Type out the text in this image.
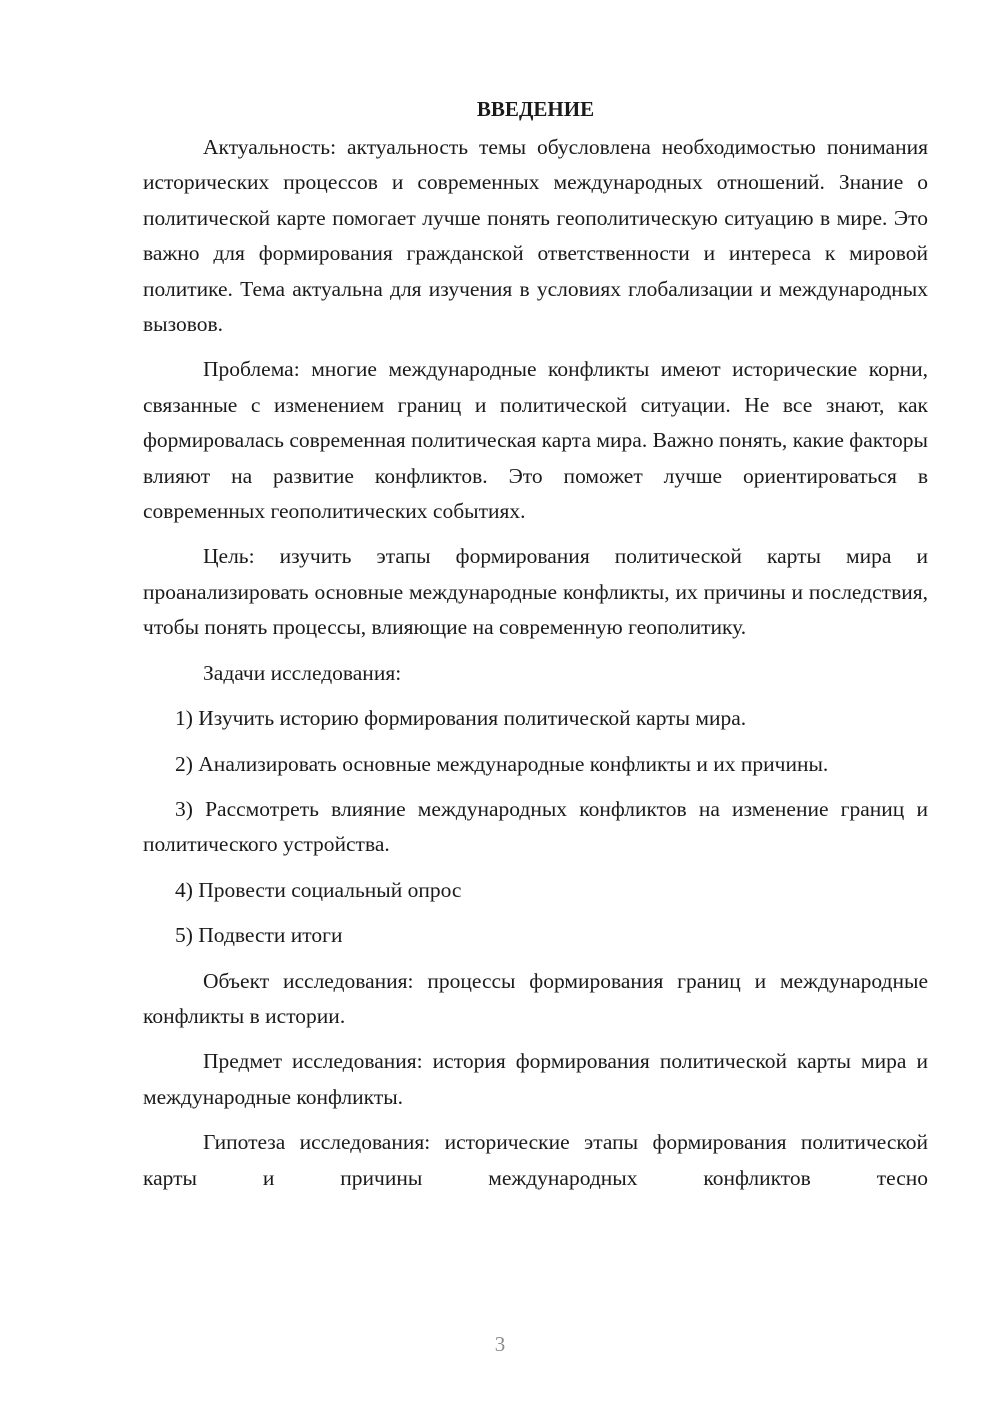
ВВЕДЕНИЕ

Актуальность: актуальность темы обусловлена необходимостью понимания исторических процессов и современных международных отношений. Знание о политической карте помогает лучше понять геополитическую ситуацию в мире. Это важно для формирования гражданской ответственности и интереса к мировой политике. Тема актуальна для изучения в условиях глобализации и международных вызовов.

Проблема: многие международные конфликты имеют исторические корни, связанные с изменением границ и политической ситуации. Не все знают, как формировалась современная политическая карта мира. Важно понять, какие факторы влияют на развитие конфликтов. Это поможет лучше ориентироваться в современных геополитических событиях.

Цель: изучить этапы формирования политической карты мира и проанализировать основные международные конфликты, их причины и последствия, чтобы понять процессы, влияющие на современную геополитику.

Задачи исследования:

1) Изучить историю формирования политической карты мира.

2) Анализировать основные международные конфликты и их причины.

3) Рассмотреть влияние международных конфликтов на изменение границ и политического устройства.

4) Провести социальный опрос

5) Подвести итоги

Объект исследования: процессы формирования границ и международные конфликты в истории.

Предмет исследования: история формирования политической карты мира и международные конфликты.

Гипотеза исследования: исторические этапы формирования политической карты и причины международных конфликтов тесно

3
